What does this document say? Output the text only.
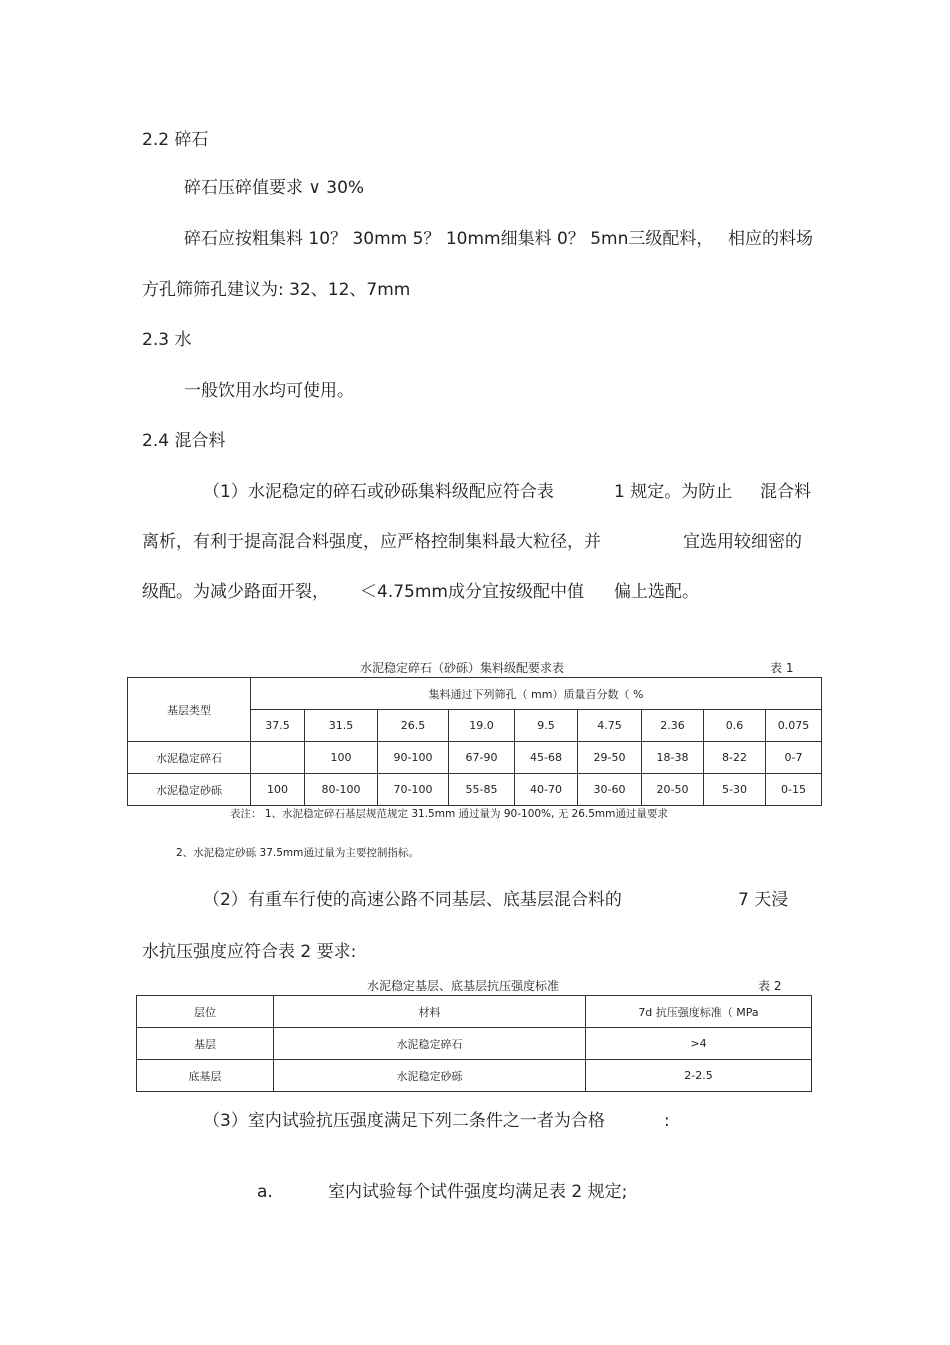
2.2 碎石
碎石压碎值要求 ∨ 30%
碎石应按粗集料 10？ 30mm 5？ 10mm细集料 0？ 5mn三级配料， 相应的料场
方孔筛筛孔建议为: 32、12、7mm
2.3 水
一般饮用水均可使用。
2.4 混合料
（1）水泥稳定的碎石或砂砾集料级配应符合表	1 规定。为防止 混合料
离析，有利于提高混合料强度，应严格控制集料最大粒径，并	宜选用较细密的
级配。为减少路面开裂， ＜4.75mm成分宜按级配中值 偏上选配。
水泥稳定碎石（砂砾）集料级配要求表	表 1
基层类型	集料通过下列筛孔（ mm）质量百分数（ %								
	37.5	31.5	26.5	19.0	9.5	4.75	2.36	0.6	0.075
水泥稳定碎石		100	90-100	67-90	45-68	29-50	18-38	8-22	0-7
水泥稳定砂砾	100	80-100	70-100	55-85	40-70	30-60	20-50	5-30	0-15
表注： 1、水泥稳定碎石基层规范规定 31.5mm 通过量为 90-100%, 无 26.5mm通过量要求
2、水泥稳定砂砾 37.5mm通过量为主要控制指标。
（2）有重车行使的高速公路不同基层、底基层混合料的	7 天浸
水抗压强度应符合表 2 要求:
水泥稳定基层、底基层抗压强度标准	表 2
层位	材料	7d 抗压强度标准（ MPa
基层	水泥稳定碎石	>4
底基层	水泥稳定砂砾	2-2.5
（3）室内试验抗压强度满足下列二条件之一者为合格	:
a.	室内试验每个试件强度均满足表 2 规定;
